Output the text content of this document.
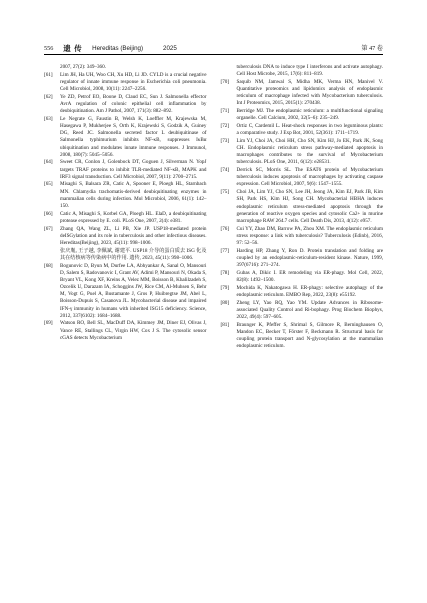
556 遗 传 Hereditas (Beijing)	2025	第 47 卷
2007, 27(2): 349–360.
[61] Lim JH, Ha UH, Woo CH, Xu HD, Li JD. CYLD is a crucial negative regulator of innate immune response in Escherichia coli pneumonia. Cell Microbiol, 2008, 10(11): 2247–2256.
[62] Ye ZD, Petrof EO, Boone D, Claud EC, Sun J. Salmonella effector AvrA regulation of colonic epithelial cell inflammation by deubiquitination. Am J Pathol, 2007, 171(3): 882–892.
[63] Le Negrate G, Faustin B, Welsh K, Loeffler M, Krajewska M, Hasegawa P, Mukherjee S, Orth K, Krajewski S, Godzik A, Guiney DG, Reed JC. Salmonella secreted factor L deubiquitinase of Salmonella typhimurium inhibits NF-κB, suppresses IκBα ubiquitination and modulates innate immune responses. J Immunol, 2008, 180(7): 5045–5056.
[64] Sweet CR, Conlon J, Golenbock DT, Goguen J, Silverman N. YopJ targets TRAF proteins to inhibit TLR-mediated NF-κB, MAPK and IRF3 signal transduction. Cell Microbiol, 2007, 9(11): 2700–2715.
[65] Misaghi S, Balsara ZR, Catic A, Spooner E, Ploegh HL, Starnbach MN. Chlamydia trachomatis-derived deubiquitinating enzymes in mammalian cells during infection. Mol Microbiol, 2006, 61(1): 142–150.
[66] Catic A, Misaghi S, Korbel GA, Ploegh HL. ElaD, a deubiquitinating protease expressed by E. coli. PLoS One, 2007, 2(4): e381.
[67] Zhang QA, Wang ZL, Li PB, Xie JP. USP18-mediated protein deISGylation and its role in tuberculosis and other infectious diseases. Hereditas(Beijing), 2023, 45(11): 998–1006.
张庆胤, 王子越, 李佩斌, 谢建平. USP18 介导的蛋白质去 ISG 化及其在结核病等传染病中的作用. 遗传, 2023, 45(11): 998–1006.
[68] Bogunovic D, Byun M, Durfee LA, Abhyankar A, Sanal O, Mansouri D, Salem S, Radovanovic I, Grant AV, Adimi P, Mansouri N, Okada S, Bryant VL, Kong XF, Kreins A, Velez MM, Boisson B, Khalilzadeh S, Ozcelik U, Darazam IA, Schoggins JW, Rice CM, Al-Muhsen S, Behr M, Vogt G, Puel A, Bustamante J, Gros P, Huibregtse JM, Abel L, Boisson-Dupuis S, Casanova JL. Mycobacterial disease and impaired IFN-γ immunity in humans with inherited ISG15 deficiency. Science, 2012, 337(6102): 1684–1688.
[69] Watson RO, Bell SL, MacDuff DA, Kimmey JM, Diner EJ, Olivas J, Vance RE, Stallings CL, Virgin HW, Cox J S. The cytosolic sensor cGAS detects Mycobacterium
tuberculosis DNA to induce type I interferons and activate autophagy. Cell Host Microbe, 2015, 17(6): 811–819.
[70] Saquib NM, Jamwal S, Midha MK, Verma HN, Manivel V. Quantitative proteomics and lipidomics analysis of endoplasmic reticulum of macrophage infected with Mycobacterium tuberculosis. Int J Proteomics, 2015, 2015(1): 270438.
[71] Berridge MJ. The endoplasmic reticulum: a multifunctional signaling organelle. Cell Calcium, 2002, 32(5–6): 235–249.
[72] Ortiz C, Cardemil L. Heat-shock responses in two leguminous plants: a comparative study. J Exp Bot, 2001, 52(361): 1711–1719.
[73] Lim YJ, Choi JA, Choi HH, Cho SN, Kim HJ, Jo EK, Park JK, Song CH. Endoplasmic reticulum stress pathway-mediated apoptosis in macrophages contributes to the survival of Mycobacterium tuberculosis. PLoS One, 2011, 6(12): e28531.
[74] Derrick SC, Morris SL. The ESAT6 protein of Mycobacterium tuberculosis induces apoptosis of macrophages by activating caspase expression. Cell Microbiol, 2007, 9(6): 1547–1555.
[75] Choi JA, Lim YJ, Cho SN, Lee JH, Jeong JA, Kim EJ, Park JB, Kim SH, Park HS, Kim HJ, Song CH. Mycobacterial HBHA induces endoplasmic reticulum stress-mediated apoptosis through the generation of reactive oxygen species and cytosolic Ca2+ in murine macrophage RAW 264.7 cells. Cell Death Dis, 2013, 4(12): e957.
[76] Cui YY, Zhao DM, Barrow PA, Zhou XM. The endoplasmic reticulum stress response: a link with tuberculosis? Tuberculosis (Edinb), 2016, 97: 52–56.
[77] Harding HP, Zhang Y, Ron D. Protein translation and folding are coupled by an endoplasmic-reticulum-resident kinase. Nature, 1999, 397(6716): 271–274.
[78] Gubas A, Dikic I. ER remodeling via ER-phagy. Mol Cell, 2022, 82(8): 1492–1500.
[79] Mochida K, Nakatogawa H. ER-phagy: selective autophagy of the endoplasmic reticulum. EMBO Rep, 2022, 23(8): e55192.
[80] Zheng LY, Yao RQ, Yao YM. Update Advances in Ribosome-associated Quality Control and Ri-bophagy. Prog Biochem Biophys, 2022, 49(4): 597–605.
[81] Braunger K, Pfeffer S, Shrimal S, Gilmore R, Berninghausen O, Mandon EC, Becker T, Förster F, Beckmann R. Structural basis for coupling protein transport and N-glycosylation at the mammalian endoplasmic reticulum.
